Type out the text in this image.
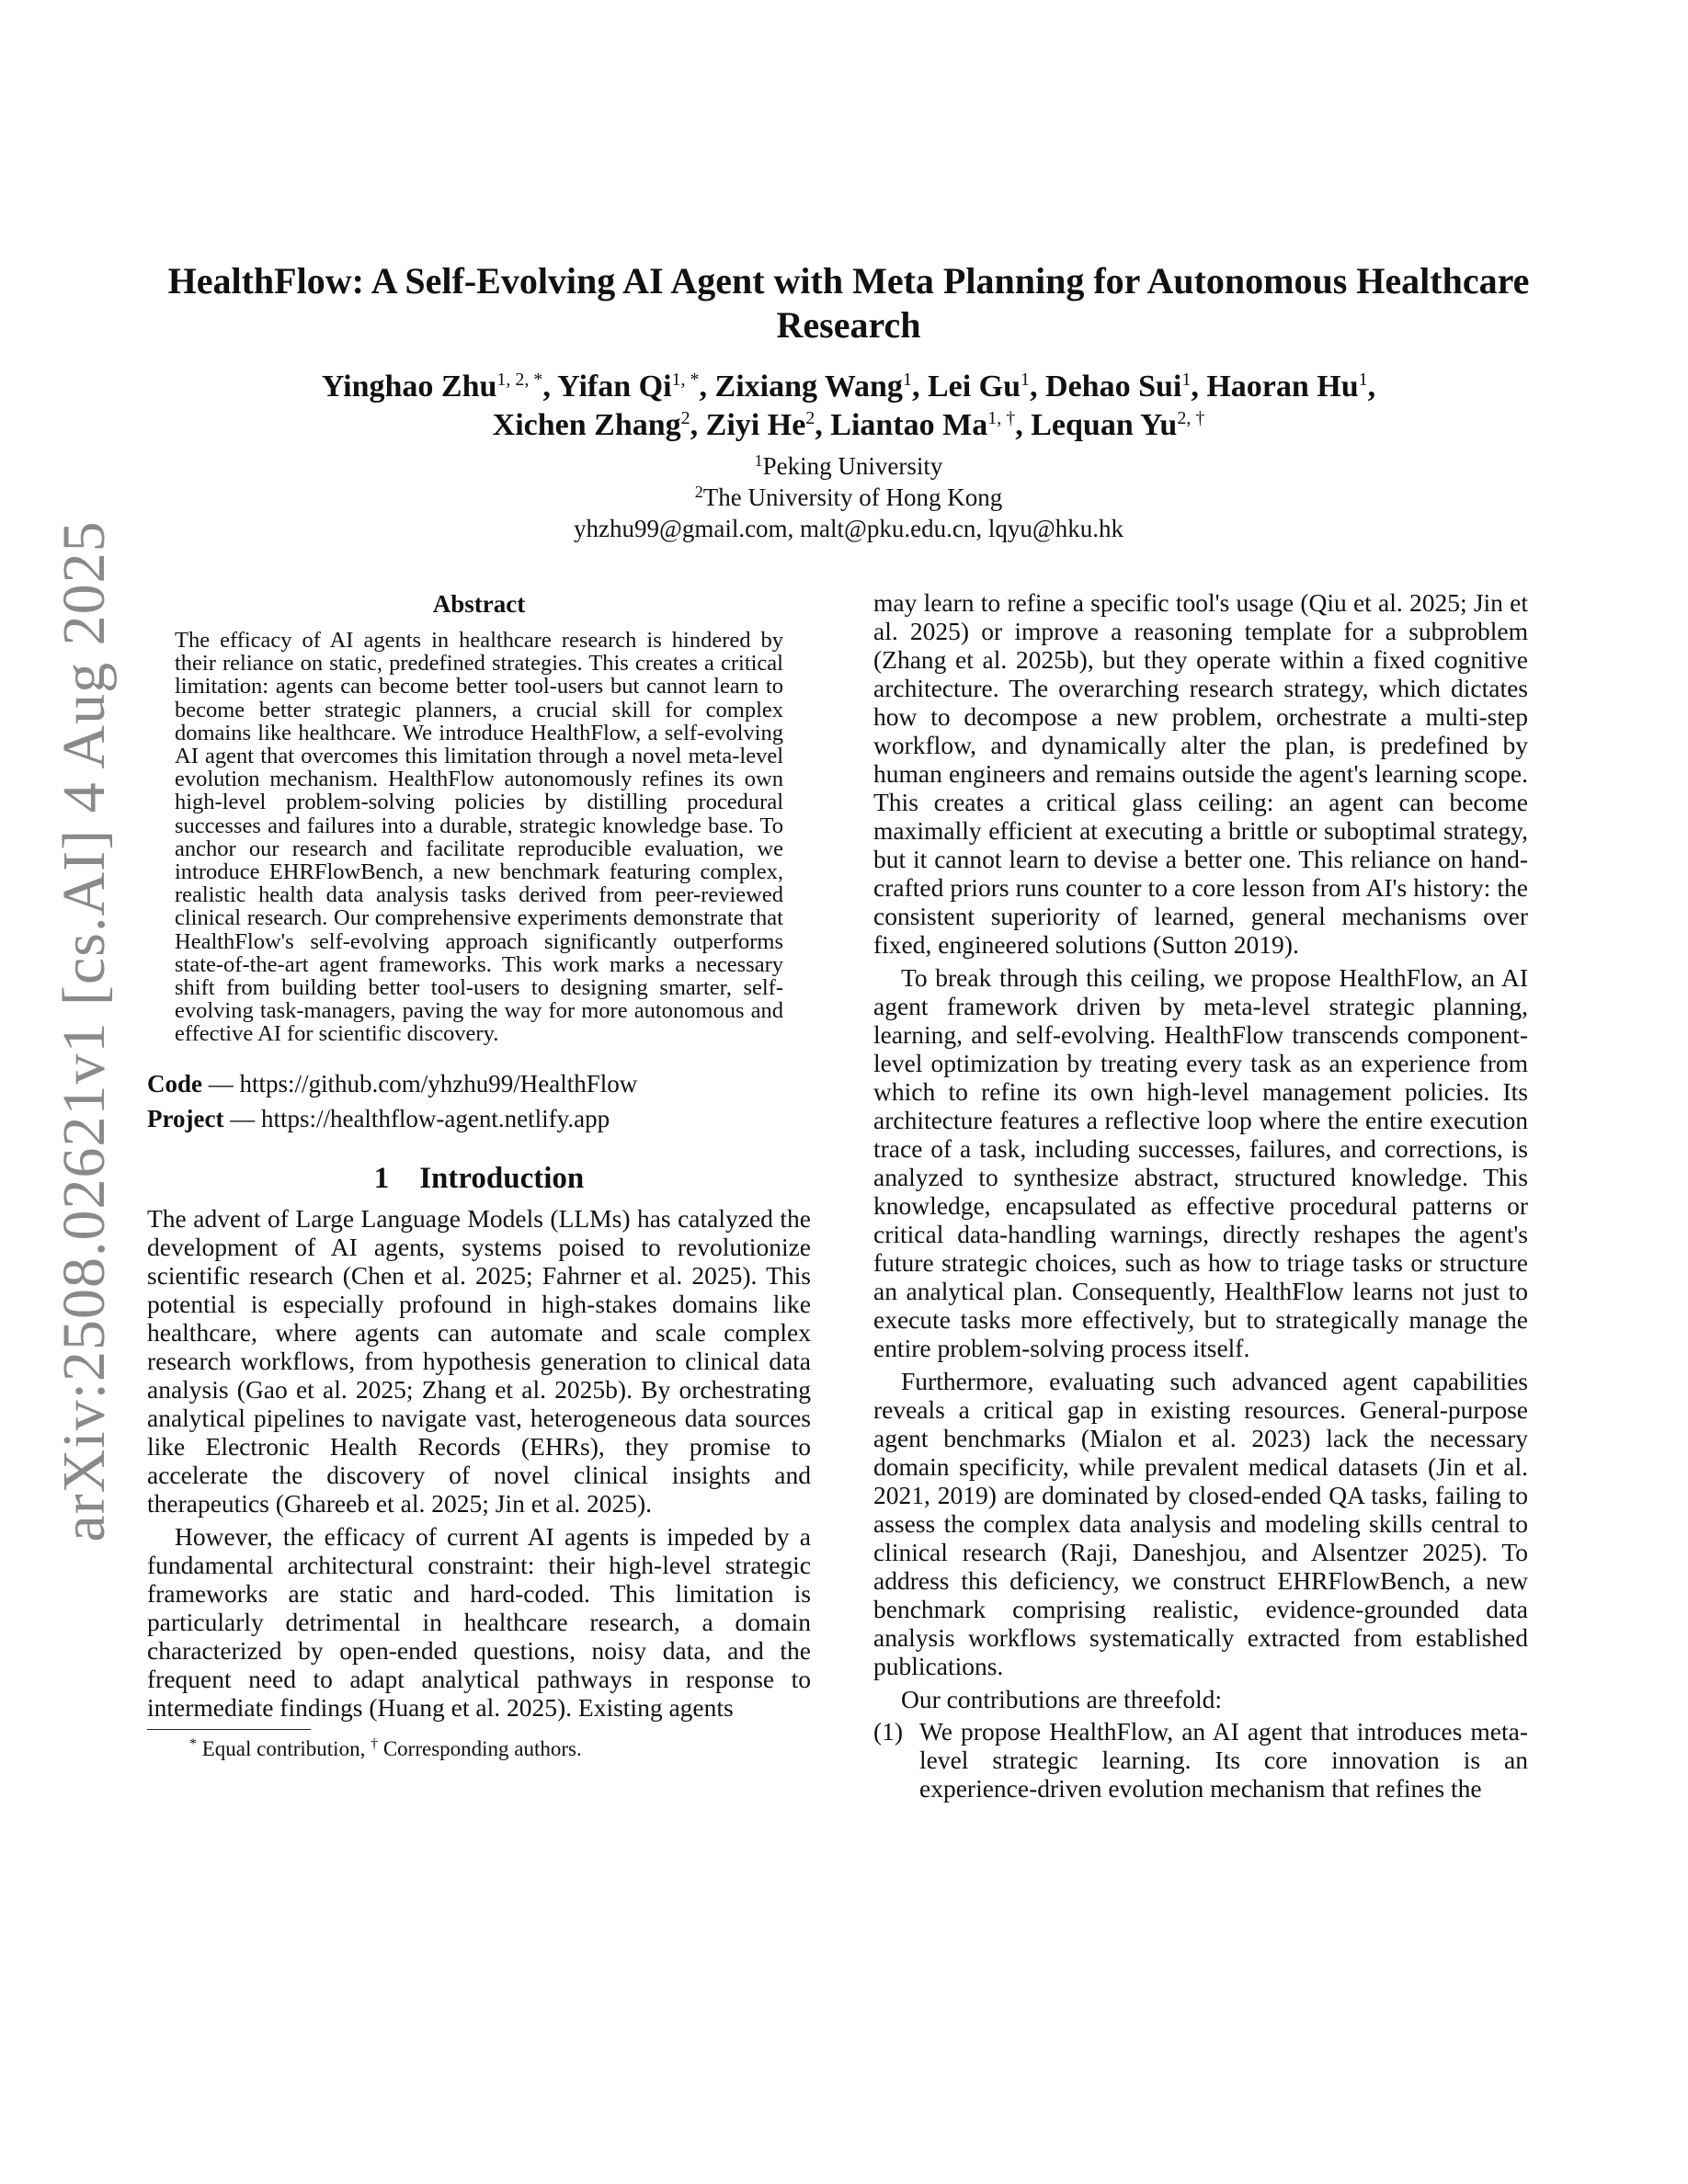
arXiv:2508.02621v1 [cs.AI] 4 Aug 2025
HealthFlow: A Self-Evolving AI Agent with Meta Planning for Autonomous Healthcare Research
Yinghao Zhu$^{1, 2, *}$, Yifan $Qi^{1, *}$, Zixiang Wang$^1$, Lei Gu$^1$, Dehao Sui$^1$, Haoran Hu$^1$,
Xichen Zhang$^2$, Ziyi He$^2$, Liantao $Ma^{1, \dagger}$, Lequan $Yu^{2, \dagger}$
$^1$Peking University
$^2$The University of Hong Kong
yhzhu99@gmail.com, malt@pku.edu.cn, lqyu@hku.hk
Abstract

The efficacy of AI agents in healthcare research is hindered by their reliance on static, predefined strategies. This creates a critical limitation: agents can become better tool-users but cannot learn to become better strategic planners, a crucial skill for complex domains like healthcare. We introduce HealthFlow, a self-evolving AI agent that overcomes this limitation through a novel meta-level evolution mechanism. HealthFlow autonomously refines its own high-level problem-solving policies by distilling procedural successes and failures into a durable, strategic knowledge base. To anchor our research and facilitate reproducible evaluation, we introduce EHRFlowBench, a new benchmark featuring complex, realistic health data analysis tasks derived from peer-reviewed clinical research. Our comprehensive experiments demonstrate that HealthFlow's self-evolving approach significantly outperforms state-of-the-art agent frameworks. This work marks a necessary shift from building better tool-users to designing smarter, self-evolving task-managers, paving the way for more autonomous and effective AI for scientific discovery.

Code — https://github.com/yhzhu99/HealthFlow

Project — https://healthflow-agent.netlify.app

1    Introduction

The advent of Large Language Models (LLMs) has catalyzed the development of AI agents, systems poised to revolutionize scientific research (Chen et al. 2025; Fahrner et al. 2025). This potential is especially profound in high-stakes domains like healthcare, where agents can automate and scale complex research workflows, from hypothesis generation to clinical data analysis (Gao et al. 2025; Zhang et al. 2025b). By orchestrating analytical pipelines to navigate vast, heterogeneous data sources like Electronic Health Records (EHRs), they promise to accelerate the discovery of novel clinical insights and therapeutics (Ghareeb et al. 2025; Jin et al. 2025).

However, the efficacy of current AI agents is impeded by a fundamental architectural constraint: their high-level strategic frameworks are static and hard-coded. This limitation is particularly detrimental in healthcare research, a domain characterized by open-ended questions, noisy data, and the frequent need to adapt analytical pathways in response to intermediate findings (Huang et al. 2025). Existing agents

* Equal contribution, † Corresponding authors.

may learn to refine a specific tool's usage (Qiu et al. 2025; Jin et al. 2025) or improve a reasoning template for a subproblem (Zhang et al. 2025b), but they operate within a fixed cognitive architecture. The overarching research strategy, which dictates how to decompose a new problem, orchestrate a multi-step workflow, and dynamically alter the plan, is predefined by human engineers and remains outside the agent's learning scope. This creates a critical glass ceiling: an agent can become maximally efficient at executing a brittle or suboptimal strategy, but it cannot learn to devise a better one. This reliance on hand-crafted priors runs counter to a core lesson from AI's history: the consistent superiority of learned, general mechanisms over fixed, engineered solutions (Sutton 2019).

To break through this ceiling, we propose HealthFlow, an AI agent framework driven by meta-level strategic planning, learning, and self-evolving. HealthFlow transcends component-level optimization by treating every task as an experience from which to refine its own high-level management policies. Its architecture features a reflective loop where the entire execution trace of a task, including successes, failures, and corrections, is analyzed to synthesize abstract, structured knowledge. This knowledge, encapsulated as effective procedural patterns or critical data-handling warnings, directly reshapes the agent's future strategic choices, such as how to triage tasks or structure an analytical plan. Consequently, HealthFlow learns not just to execute tasks more effectively, but to strategically manage the entire problem-solving process itself.

Furthermore, evaluating such advanced agent capabilities reveals a critical gap in existing resources. General-purpose agent benchmarks (Mialon et al. 2023) lack the necessary domain specificity, while prevalent medical datasets (Jin et al. 2021, 2019) are dominated by closed-ended QA tasks, failing to assess the complex data analysis and modeling skills central to clinical research (Raji, Daneshjou, and Alsentzer 2025). To address this deficiency, we construct EHRFlowBench, a new benchmark comprising realistic, evidence-grounded data analysis workflows systematically extracted from established publications.

Our contributions are threefold:

(1) We propose HealthFlow, an AI agent that introduces meta-level strategic learning. Its core innovation is an experience-driven evolution mechanism that refines the
